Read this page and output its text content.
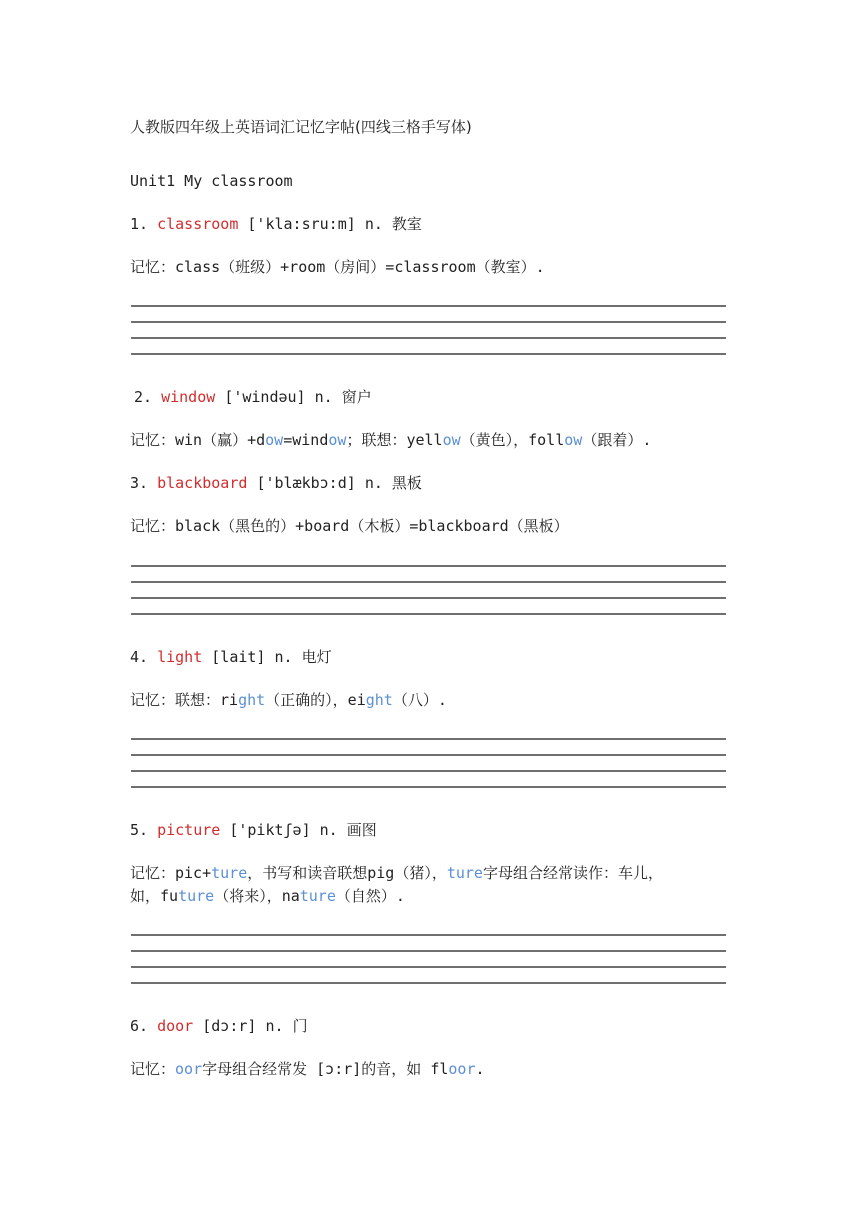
人教版四年级上英语词汇记忆字帖(四线三格手写体)
Unit1 My classroom
1. classroom ['kla:sru:m] n. 教室
记忆：class（班级）+room（房间）=classroom（教室）.
2. window ['windəu] n. 窗户
记忆：win（赢）+dow=window；联想：yellow（黄色），follow（跟着）.
3. blackboard ['blækbɔ:d] n. 黑板
记忆：black（黑色的）+board（木板）=blackboard（黑板）
4. light [lait] n. 电灯
记忆：联想：right（正确的），eight（八）.
5. picture ['piktʃə] n. 画图
记忆：pic+ture，书写和读音联想pig（猪），ture字母组合经常读作：车儿，
如，future（将来），nature（自然）.
6. door [dɔ:r] n. 门
记忆：oor字母组合经常发 [ɔ:r]的音，如 floor.
